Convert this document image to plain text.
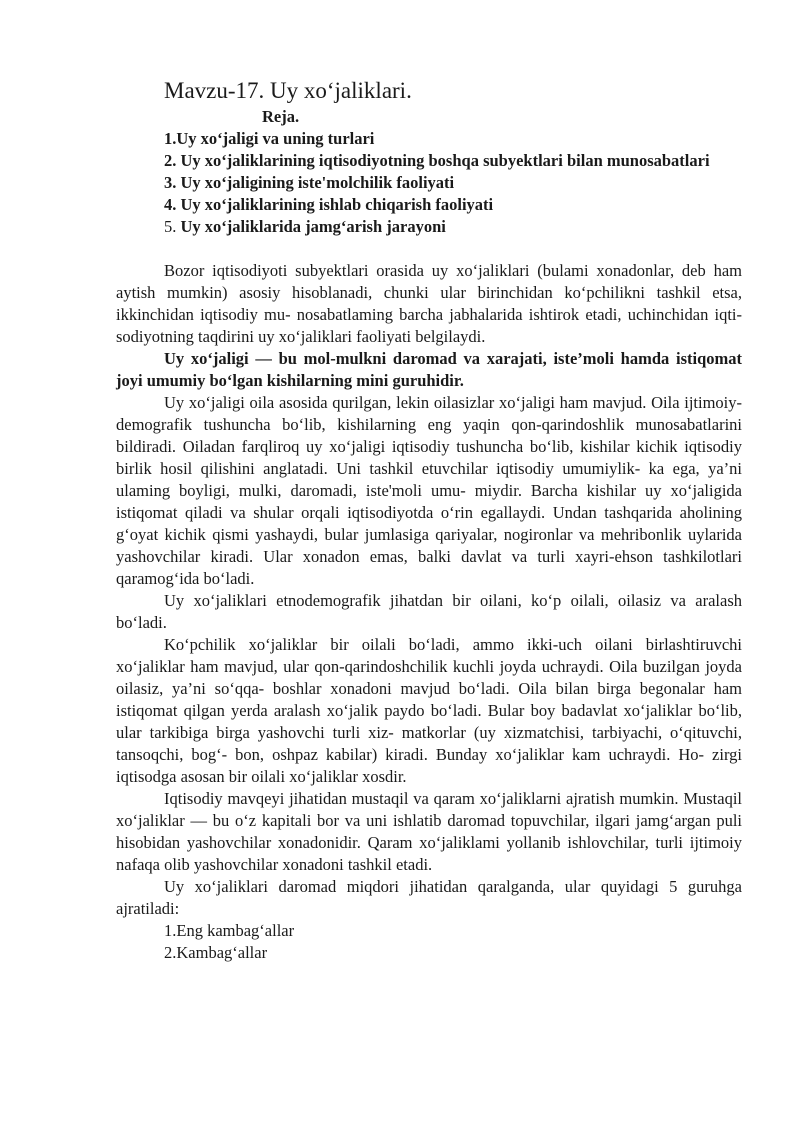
Mavzu-17. Uy xo‘jaliklari.
Reja.
1.Uy xo‘jaligi va uning turlari
2. Uy xo‘jaliklarining iqtisodiyotning boshqa subyektlari bilan munosabatlari
3. Uy xo‘jaligining iste'molchilik faoliyati
4. Uy xo‘jaliklarining ishlab chiqarish faoliyati
5. Uy xo‘jaliklarida jamg‘arish jarayoni

Bozor iqtisodiyoti subyektlari orasida uy xo‘jaliklari (bulami xonadonlar, deb ham aytish mumkin) asosiy hisoblanadi, chunki ular birinchidan ko‘pchilikni tashkil etsa, ikkinchidan iqtisodiy mu- nosabatlaming barcha jabhalarida ishtirok etadi, uchinchidan iqti- sodiyotning taqdirini uy xo‘jaliklari faoliyati belgilaydi.

Uy xo‘jaligi — bu mol-mulkni daromad va xarajati, iste’moli hamda istiqomat joyi umumiy bo‘lgan kishilarning mini guruhidir.

Uy xo‘jaligi oila asosida qurilgan, lekin oilasizlar xo‘jaligi ham mavjud. Oila ijtimoiy-demografik tushuncha bo‘lib, kishilarning eng yaqin qon-qarindoshlik munosabatlarini bildiradi. Oiladan farqliroq uy xo‘jaligi iqtisodiy tushuncha bo‘lib, kishilar kichik iqtisodiy birlik hosil qilishini anglatadi. Uni tashkil etuvchilar iqtisodiy umumiylik- ka ega, ya’ni ulaming boyligi, mulki, daromadi, iste'moli umu- miydir. Barcha kishilar uy xo‘jaligida istiqomat qiladi va shular orqali iqtisodiyotda o‘rin egallaydi. Undan tashqarida aholining g‘oyat kichik qismi yashaydi, bular jumlasiga qariyalar, nogironlar va mehribonlik uylarida yashovchilar kiradi. Ular xonadon emas, balki davlat va turli xayri-ehson tashkilotlari qaramog‘ida bo‘ladi.

Uy xo‘jaliklari etnodemografik jihatdan bir oilani, ko‘p oilali, oilasiz va aralash bo‘ladi.

Ko‘pchilik xo‘jaliklar bir oilali bo‘ladi, ammo ikki-uch oilani birlashtiruvchi xo‘jaliklar ham mavjud, ular qon-qarindoshchilik kuchli joyda uchraydi. Oila buzilgan joyda oilasiz, ya’ni so‘qqa- boshlar xonadoni mavjud bo‘ladi. Oila bilan birga begonalar ham istiqomat qilgan yerda aralash xo‘jalik paydo bo‘ladi. Bular boy badavlat xo‘jaliklar bo‘lib, ular tarkibiga birga yashovchi turli xiz- matkorlar (uy xizmatchisi, tarbiyachi, o‘qituvchi, tansoqchi, bog‘- bon, oshpaz kabilar) kiradi. Bunday xo‘jaliklar kam uchraydi. Ho- zirgi iqtisodga asosan bir oilali xo‘jaliklar xosdir.

Iqtisodiy mavqeyi jihatidan mustaqil va qaram xo‘jaliklarni ajratish mumkin. Mustaqil xo‘jaliklar — bu o‘z kapitali bor va uni ishlatib daromad topuvchilar, ilgari jamg‘argan puli hisobidan yashovchilar xonadonidir. Qaram xo‘jaliklami yollanib ishlovchilar, turli ijtimoiy nafaqa olib yashovchilar xonadoni tashkil etadi.

Uy xo‘jaliklari daromad miqdori jihatidan qaralganda, ular quyidagi 5 guruhga ajratiladi:

1.Eng kambag‘allar
2.Kambag‘allar
